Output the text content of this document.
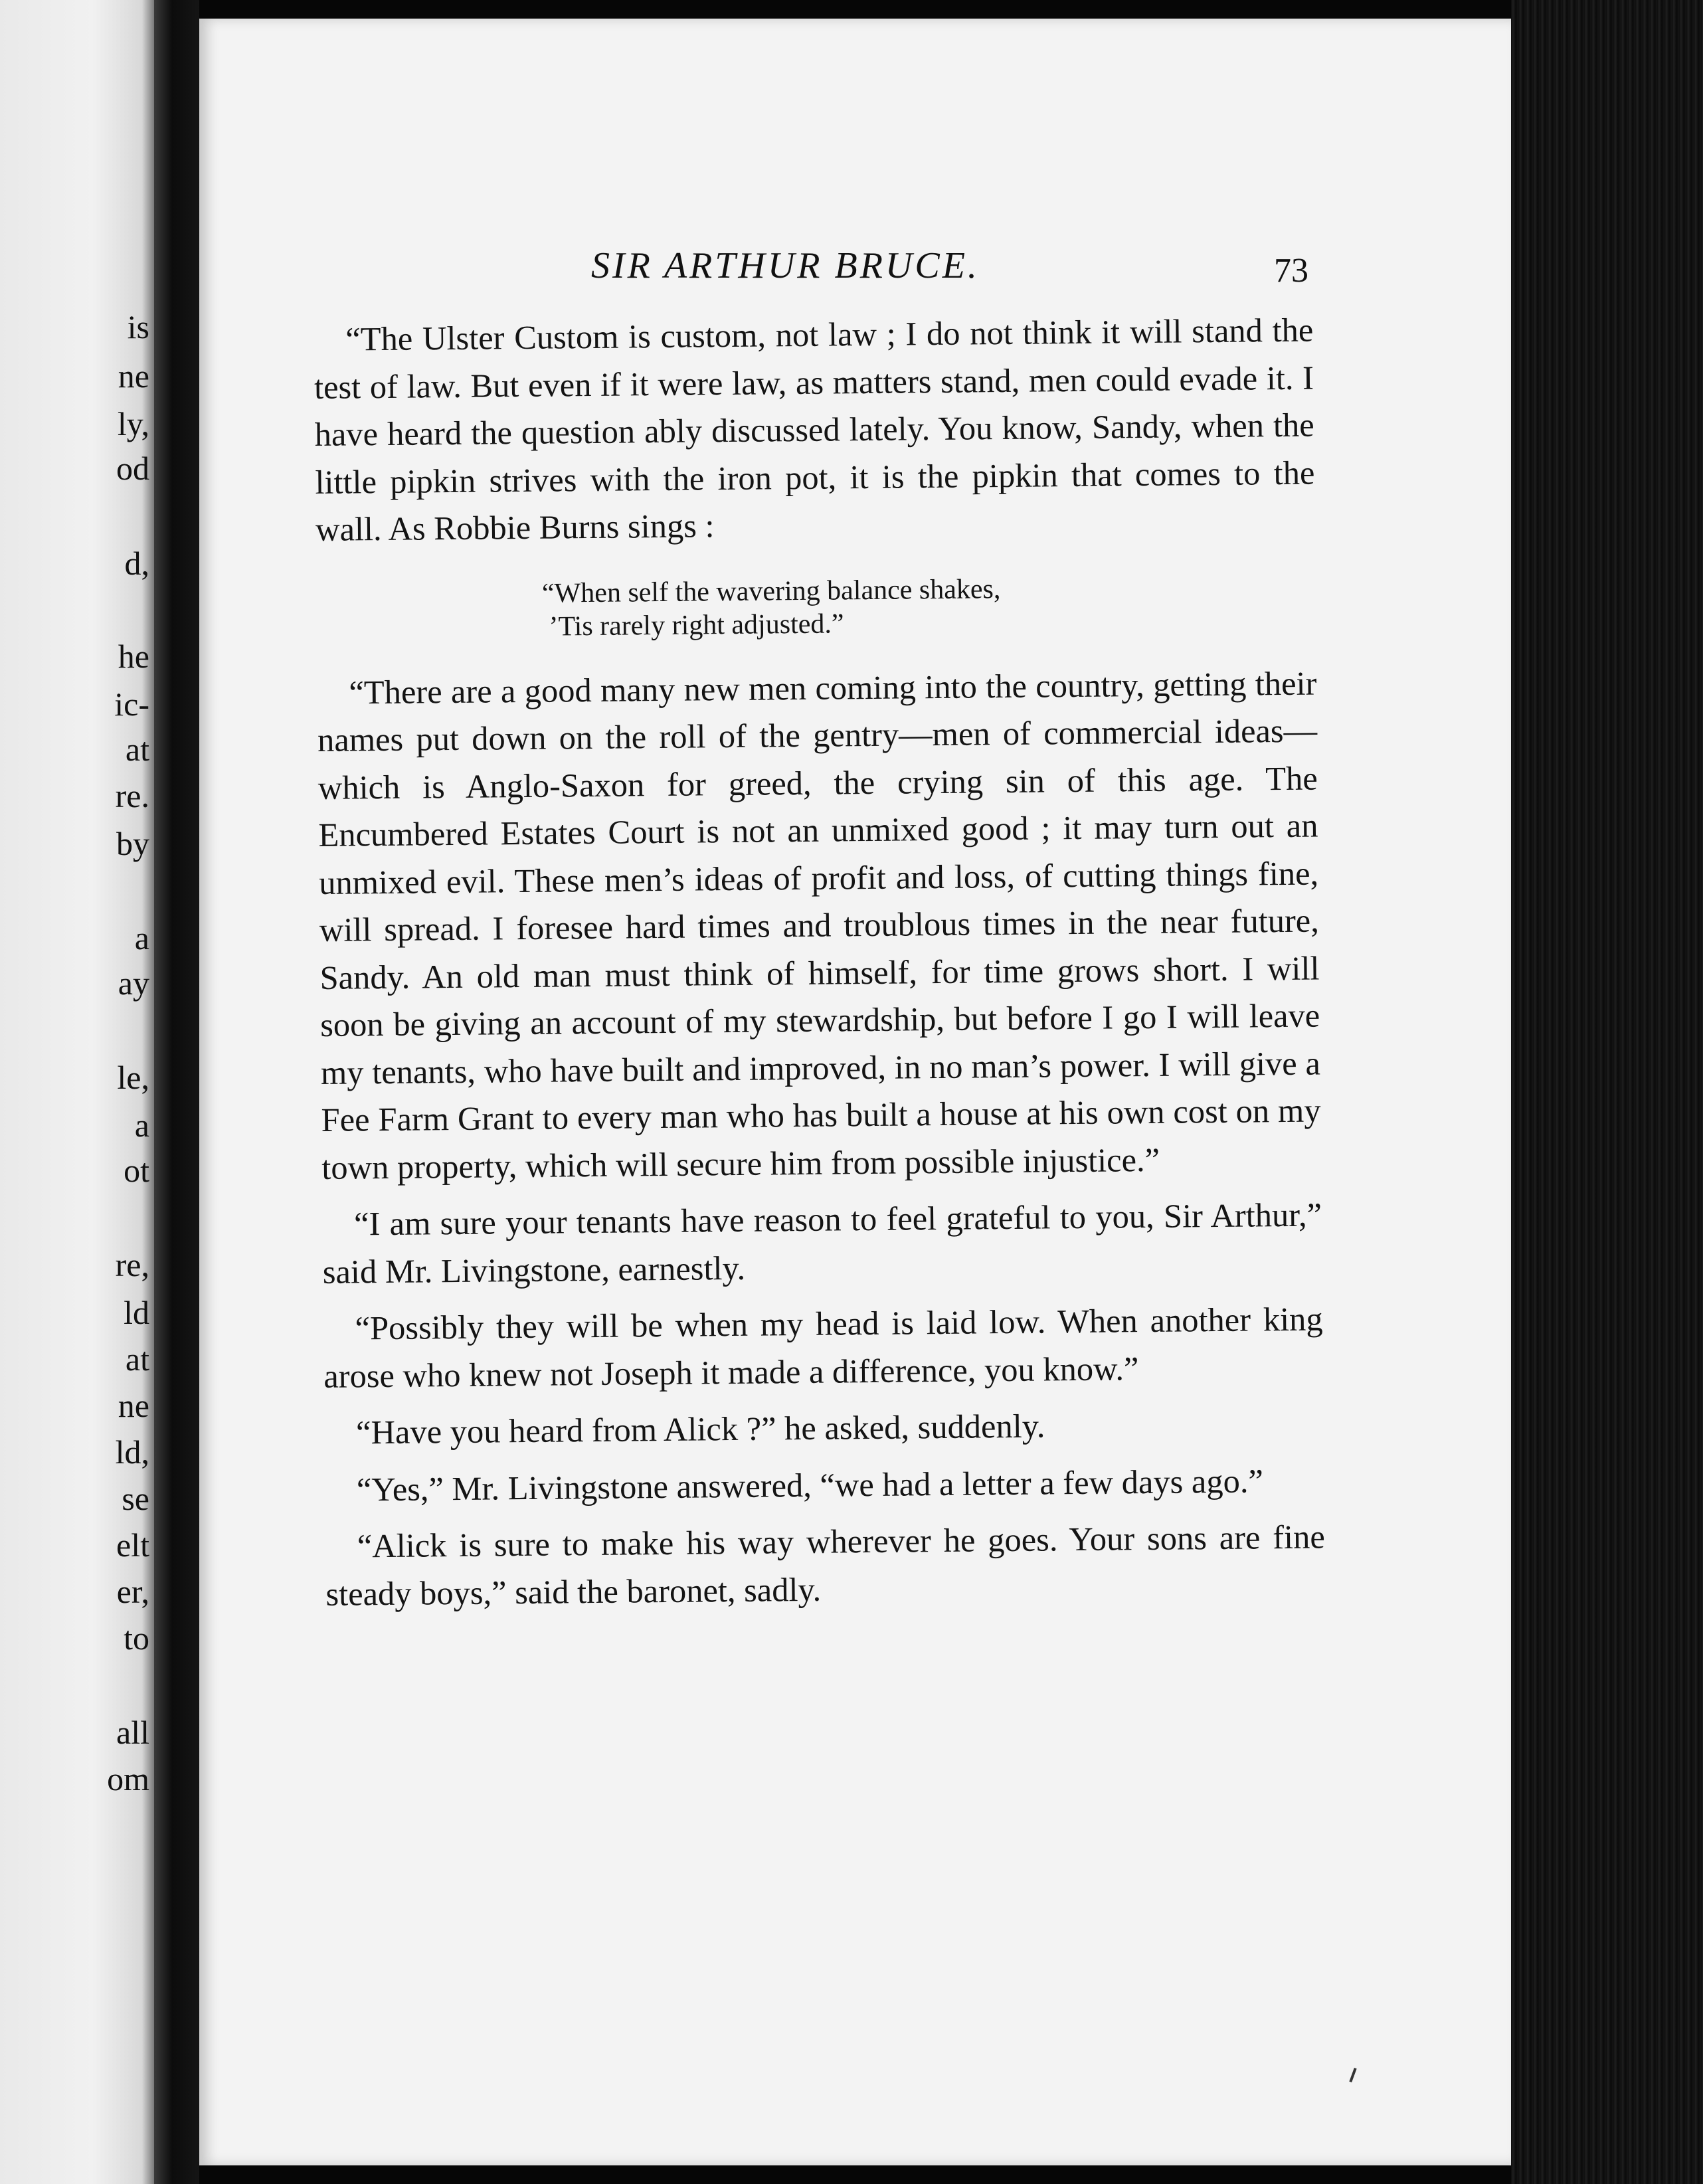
is
ne
ly,
od
d,
he
ic-
at
re.
by
a
ay
le,
a
ot
re,
ld
at
ne
ld,
se
elt
er,
to
all
om
SIR ARTHUR BRUCE.	73

“The Ulster Custom is custom, not law ; I do not think it will stand the test of law. But even if it were law, as matters stand, men could evade it. I have heard the question ably discussed lately. You know, Sandy, when the little pipkin strives with the iron pot, it is the pipkin that comes to the wall. As Robbie Burns sings :

“When self the wavering balance shakes,
’Tis rarely right adjusted.”

“There are a good many new men coming into the country, getting their names put down on the roll of the gentry—men of commercial ideas—which is Anglo-Saxon for greed, the crying sin of this age. The Encumbered Estates Court is not an unmixed good ; it may turn out an unmixed evil. These men’s ideas of profit and loss, of cutting things fine, will spread. I foresee hard times and troublous times in the near future, Sandy. An old man must think of himself, for time grows short. I will soon be giving an account of my stewardship, but before I go I will leave my tenants, who have built and improved, in no man’s power. I will give a Fee Farm Grant to every man who has built a house at his own cost on my town property, which will secure him from possible injustice.”

“I am sure your tenants have reason to feel grateful to you, Sir Arthur,” said Mr. Livingstone, earnestly.

“Possibly they will be when my head is laid low. When another king arose who knew not Joseph it made a difference, you know.”

“Have you heard from Alick ?” he asked, suddenly.

“Yes,” Mr. Livingstone answered, “we had a letter a few days ago.”

“Alick is sure to make his way wherever he goes. Your sons are fine steady boys,” said the baronet, sadly.
